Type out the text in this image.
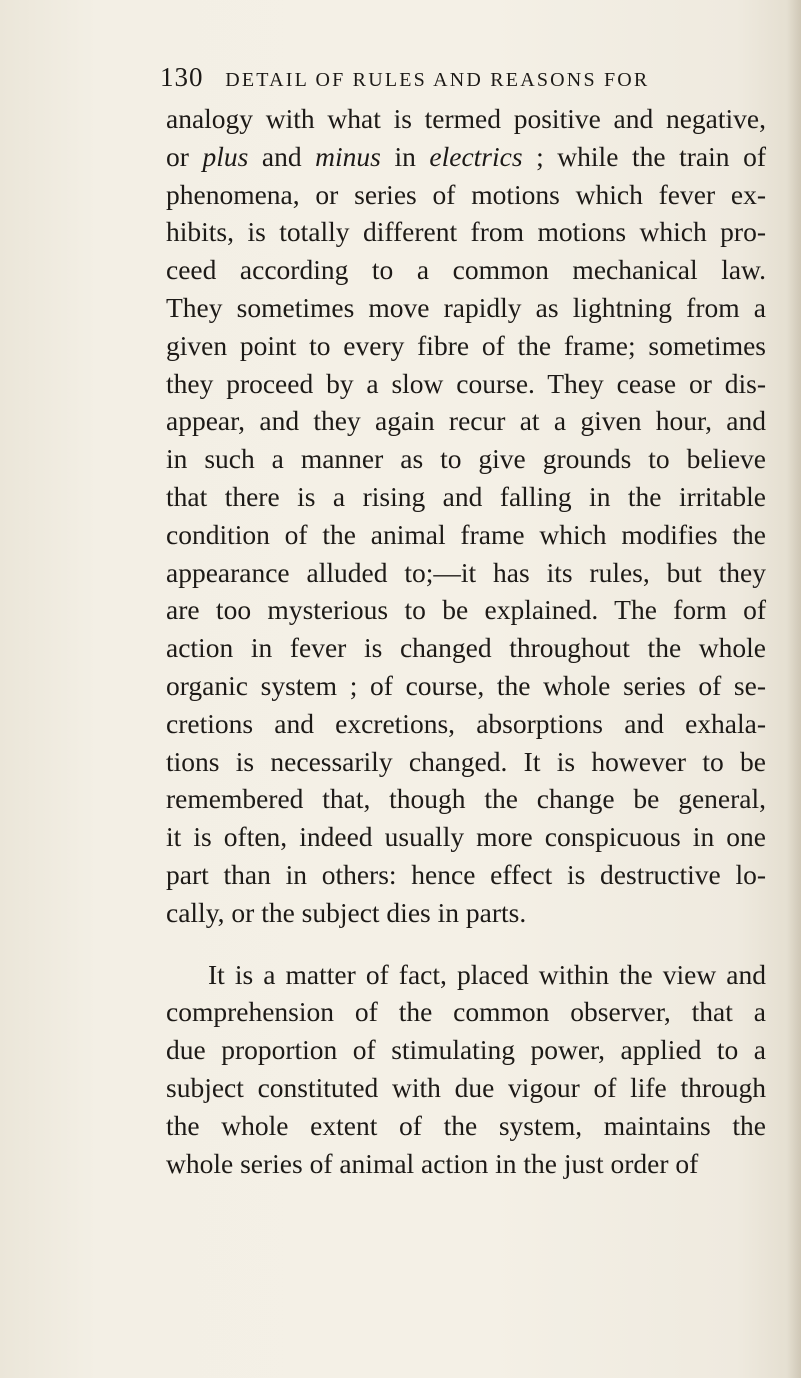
130 DETAIL OF RULES AND REASONS FOR
analogy with what is termed positive and negative,
or plus and minus in electrics ; while the train of
phenomena, or series of motions which fever ex-
hibits, is totally different from motions which pro-
ceed according to a common mechanical law.
They sometimes move rapidly as lightning from a
given point to every fibre of the frame; sometimes
they proceed by a slow course. They cease or dis-
appear, and they again recur at a given hour, and
in such a manner as to give grounds to believe
that there is a rising and falling in the irritable
condition of the animal frame which modifies the
appearance alluded to;—it has its rules, but they
are too mysterious to be explained. The form of
action in fever is changed throughout the whole
organic system ; of course, the whole series of se-
cretions and excretions, absorptions and exhala-
tions is necessarily changed. It is however to be
remembered that, though the change be general,
it is often, indeed usually more conspicuous in one
part than in others: hence effect is destructive lo-
cally, or the subject dies in parts.
It is a matter of fact, placed within the view and
comprehension of the common observer, that a
due proportion of stimulating power, applied to a
subject constituted with due vigour of life through
the whole extent of the system, maintains the
whole series of animal action in the just order of
